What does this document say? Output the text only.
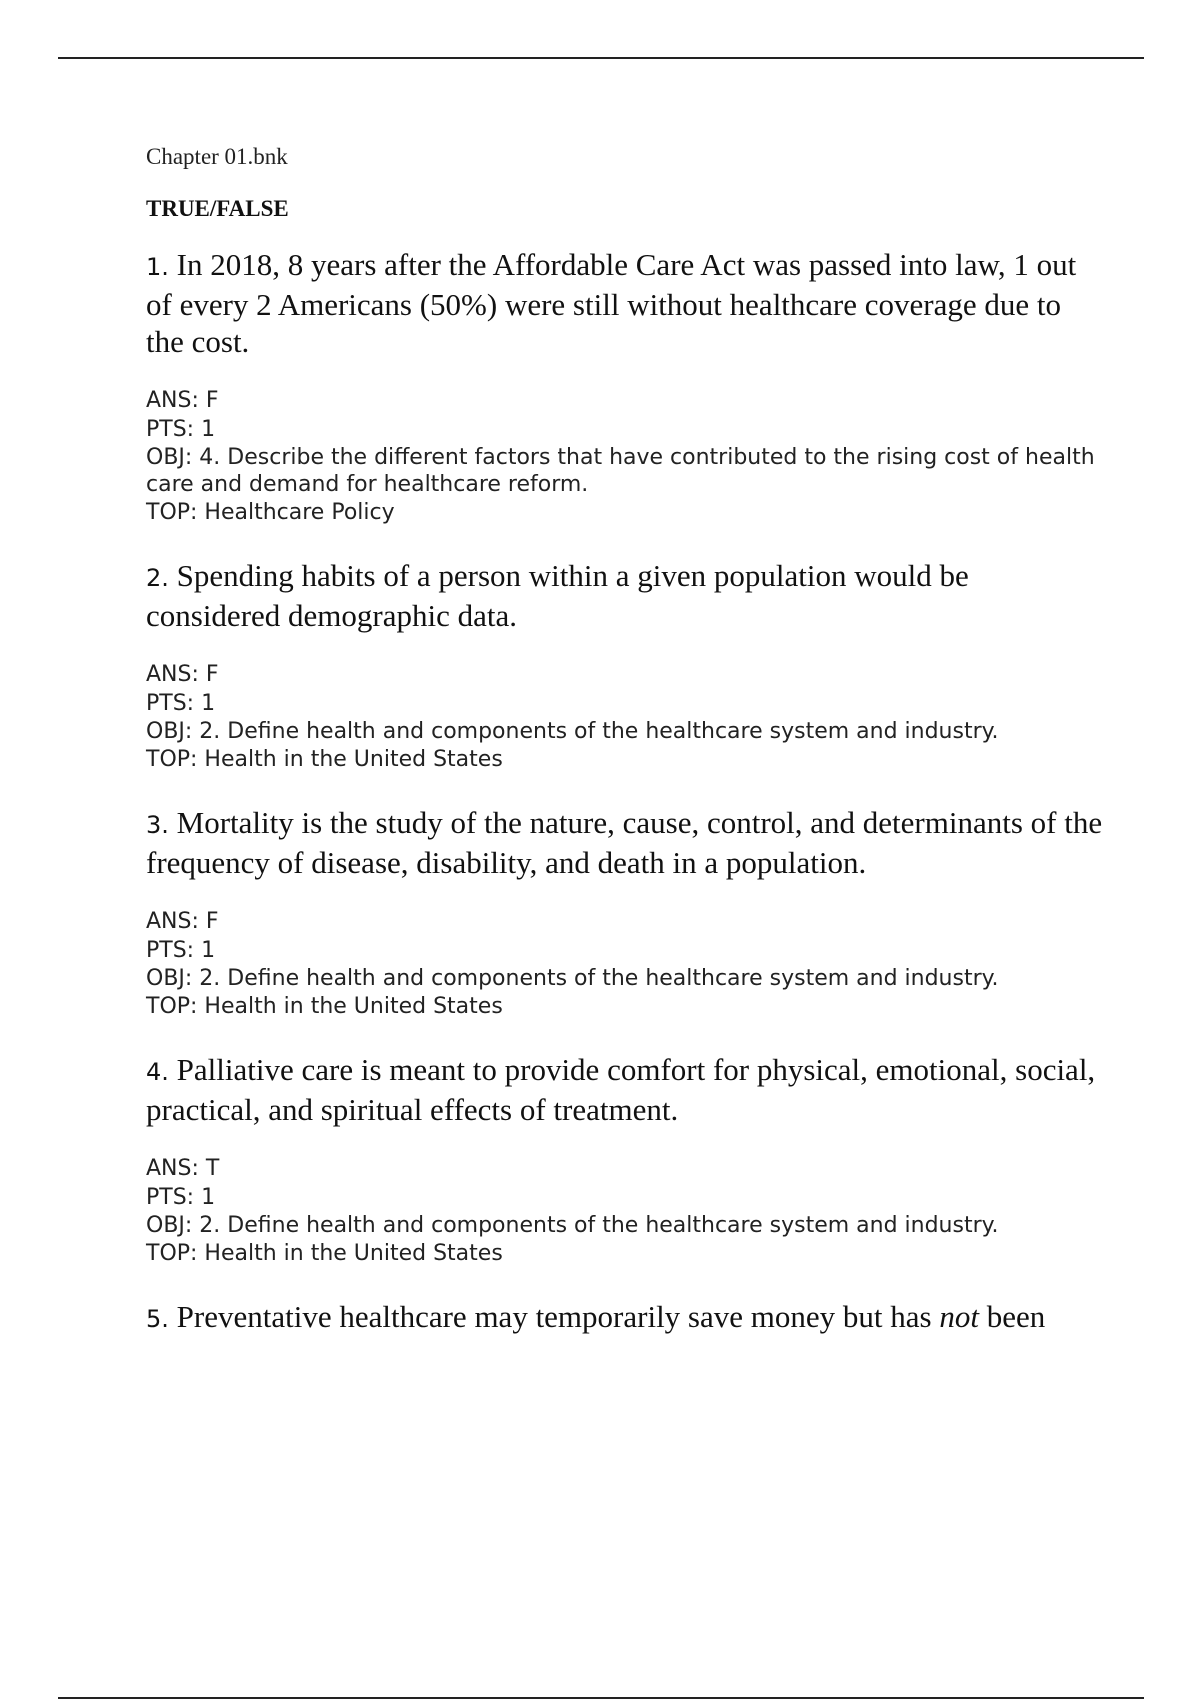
Chapter 01.bnk
TRUE/FALSE
1. In 2018, 8 years after the Affordable Care Act was passed into law, 1 out of every 2 Americans (50%) were still without healthcare coverage due to the cost.
ANS: F
PTS: 1
OBJ: 4. Describe the different factors that have contributed to the rising cost of health care and demand for healthcare reform.
TOP: Healthcare Policy
2. Spending habits of a person within a given population would be considered demographic data.
ANS: F
PTS: 1
OBJ: 2. Define health and components of the healthcare system and industry.
TOP: Health in the United States
3. Mortality is the study of the nature, cause, control, and determinants of the frequency of disease, disability, and death in a population.
ANS: F
PTS: 1
OBJ: 2. Define health and components of the healthcare system and industry.
TOP: Health in the United States
4. Palliative care is meant to provide comfort for physical, emotional, social, practical, and spiritual effects of treatment.
ANS: T
PTS: 1
OBJ: 2. Define health and components of the healthcare system and industry.
TOP: Health in the United States
5. Preventative healthcare may temporarily save money but has not been
